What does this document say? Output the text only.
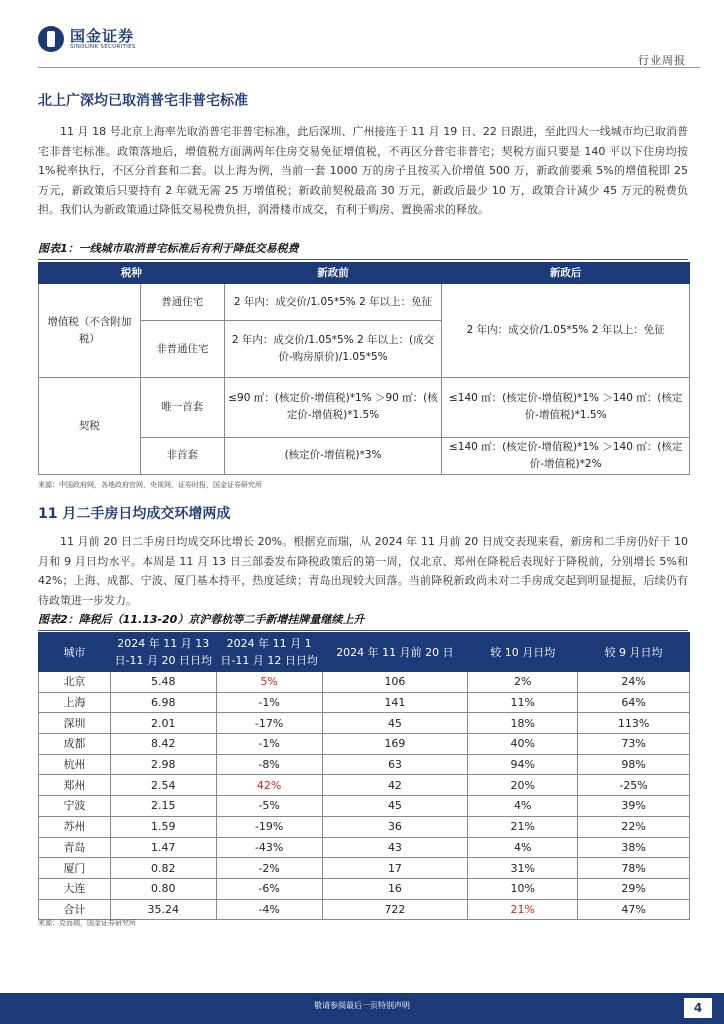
国金证券
SINOLINK SECURITIES
行业周报
北上广深均已取消普宅非普宅标准

11 月 18 号北京上海率先取消普宅非普宅标准，此后深圳、广州接连于 11 月 19 日、22 日跟进，至此四大一线城市均已取消普宅非普宅标准。政策落地后，增值税方面满两年住房交易免征增值税，不再区分普宅非普宅；契税方面只要是 140 平以下住房均按 1%税率执行，不区分首套和二套。以上海为例，当前一套 1000 万的房子且按买入价增值 500 万，新政前要乘 5%的增值税即 25 万元，新政策后只要持有 2 年就无需 25 万增值税；新政前契税最高 30 万元，新政后最少 10 万，政策合计减少 45 万元的税费负担。我们认为新政策通过降低交易税费负担，润滑楼市成交，有利于购房、置换需求的释放。

图表1：一线城市取消普宅标准后有利于降低交易税费
税种		新政前	新政后
增值税（不含附加税）	普通住宅	2 年内：成交价/1.05*5% 2 年以上：免征	2 年内：成交价/1.05*5% 2 年以上：免征
	非普通住宅	2 年内：成交价/1.05*5% 2 年以上：(成交价-购房原价)/1.05*5%	
契税	唯一首套	≤90 ㎡：(核定价-增值税)*1% ＞90 ㎡：(核定价-增值税)*1.5%	≤140 ㎡：(核定价-增值税)*1% ＞140 ㎡：(核定价-增值税)*1.5%
	非首套	(核定价-增值税)*3%	≤140 ㎡：(核定价-增值税)*1% ＞140 ㎡：(核定价-增值税)*2%
来源：中国政府网，各地政府官网，央视网，证券时报，国金证券研究所
11 月二手房日均成交环增两成

11 月前 20 日二手房日均成交环比增长 20%。根据克而瑞，从 2024 年 11 月前 20 日成交表现来看，新房和二手房仍好于 10 月和 9 月日均水平。本周是 11 月 13 日三部委发布降税政策后的第一周，仅北京、郑州在降税后表现好于降税前，分别增长 5%和 42%；上海、成都、宁波、厦门基本持平，热度延续；青岛出现较大回落。当前降税新政尚未对二手房成交起到明显提振，后续仍有待政策进一步发力。

图表2：降税后（11.13-20）京沪蓉杭等二手新增挂牌量继续上升
城市	2024 年 11 月 13 日-11 月 20 日日均	2024 年 11 月 1 日-11 月 12 日日均	2024 年 11 月前 20 日	较 10 月日均	较 9 月日均
北京	5.48	5%	106	2%	24%
上海	6.98	-1%	141	11%	64%
深圳	2.01	-17%	45	18%	113%
成都	8.42	-1%	169	40%	73%
杭州	2.98	-8%	63	94%	98%
郑州	2.54	42%	42	20%	-25%
宁波	2.15	-5%	45	4%	39%
苏州	1.59	-19%	36	21%	22%
青岛	1.47	-43%	43	4%	38%
厦门	0.82	-2%	17	31%	78%
大连	0.80	-6%	16	10%	29%
合计	35.24	-4%	722	21%	47%
来源：克而瑞，国金证券研究所
敬请参阅最后一页特别声明	4
